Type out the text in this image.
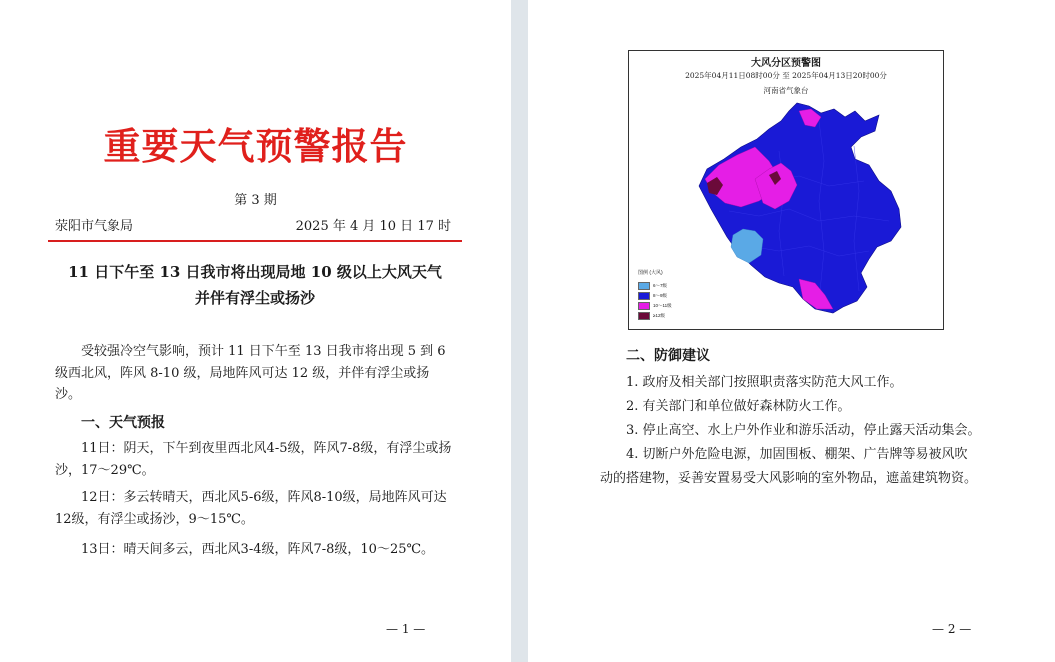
重要天气预警报告
第 3 期
荥阳市气象局	2025 年 4 月 10 日 17 时
11 日下午至 13 日我市将出现局地 10 级以上大风天气
并伴有浮尘或扬沙

受较强冷空气影响，预计 11 日下午至 13 日我市将出现 5 到 6 级西北风，阵风 8-10 级，局地阵风可达 12 级，并伴有浮尘或扬沙。

一、天气预报

11日：阴天，下午到夜里西北风4-5级，阵风7-8级，有浮尘或扬沙，17～29℃。

12日：多云转晴天，西北风5-6级，阵风8-10级，局地阵风可达12级，有浮尘或扬沙，9～15℃。

13日：晴天间多云，西北风3-4级，阵风7-8级，10～25℃。

— 1 —
大风分区预警图
2025年04月11日08时00分 至 2025年04月13日20时00分
河南省气象台
图例 (大风)
6～7级
8～9级
10～11级
≥12级
二、防御建议

1. 政府及相关部门按照职责落实防范大风工作。

2. 有关部门和单位做好森林防火工作。

3. 停止高空、水上户外作业和游乐活动，停止露天活动集会。

4. 切断户外危险电源，加固围板、棚架、广告牌等易被风吹

动的搭建物，妥善安置易受大风影响的室外物品，遮盖建筑物资。
— 2 —
